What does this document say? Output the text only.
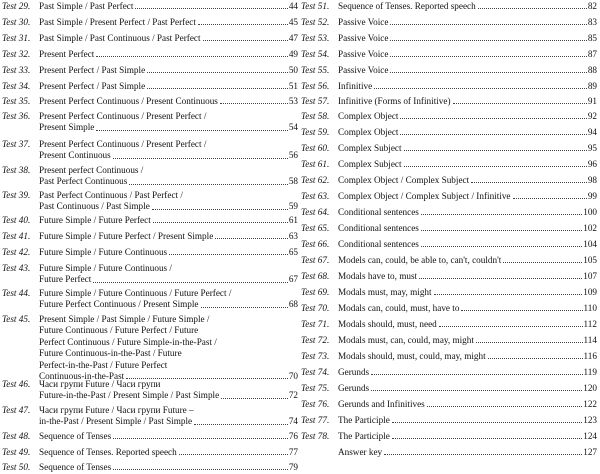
Test 29. Past Simple / Past Perfect	44
Test 30. Past Simple / Present Perfect / Past Perfect	45
Test 31. Past Simple / Past Continuous / Past Perfect	47
Test 32. Present Perfect	49
Test 33. Present Perfect / Past Simple	50
Test 34. Present Perfect / Past Simple	51
Test 35. Present Perfect Continuous / Present Continuous	53
Test 36. Present Perfect Continuous / Present Perfect /
Present Simple	54
Test 37. Present Perfect Continuous / Present Perfect /
Present Continuous	56
Test 38. Present perfect Continuous /
Past Perfect Continuous	58
Test 39. Past Perfect Continuous / Past Perfect /
Past Continuous / Past Simple	59
Test 40. Future Simple / Future Perfect	61
Test 41. Future Simple / Future Perfect / Present Simple	63
Test 42. Future Simple / Future Continuous	65
Test 43. Future Simple / Future Continuous /
Future Perfect	67
Test 44. Future Simple / Future Continuous / Future Perfect /
Future Perfect Continuous / Present Simple	68
Test 45. Present Simple / Past Simple / Future Simple /
Future Continuous / Future Perfect / Future
Perfect Continuous / Future Simple-in-the-Past /
Future Continuous-in-the-Past / Future
Perfect-in-the-Past / Future Perfect
Continuous-in-the-Past	70
Test 46. Часи групи Future / Часи групи
Future-in-the-Past / Present Simple / Past Simple	72
Test 47. Часи групи Future / Часи групи Future –
in-the-Past / Present Simple / Past Simple	74
Test 48. Sequence of Tenses	76
Test 49. Sequence of Tenses. Reported speech	77
Test 50. Sequence of Tenses	79
Test 51. Sequence of Tenses. Reported speech	82
Test 52. Passive Voice	83
Test 53. Passive Voice	85
Test 54. Passive Voice	87
Test 55. Passive Voice	88
Test 56. Infinitive	89
Test 57. Infinitive (Forms of Infinitive)	91
Test 58. Complex Object	92
Test 59. Complex Object	94
Test 60. Complex Subject	95
Test 61. Complex Subject	96
Test 62. Complex Object / Complex Subject	98
Test 63. Complex Object / Complex Subject / Infinitive	99
Test 64. Conditional sentences	100
Test 65. Conditional sentences	102
Test 66. Conditional sentences	104
Test 67. Models can, could, be able to, can't, couldn't	105
Test 68. Modals have to, must	107
Test 69. Modals must, may, might	109
Test 70. Modals can, could, must, have to	110
Test 71. Modals should, must, need	112
Test 72. Modals must, can, could, may, might	114
Test 73. Modals should, must, could, may, might	116
Test 74. Gerunds	119
Test 75. Gerunds	120
Test 76. Gerunds and Infinitives	122
Test 77. The Participle	123
Test 78. The Participle	124
Answer key	127
